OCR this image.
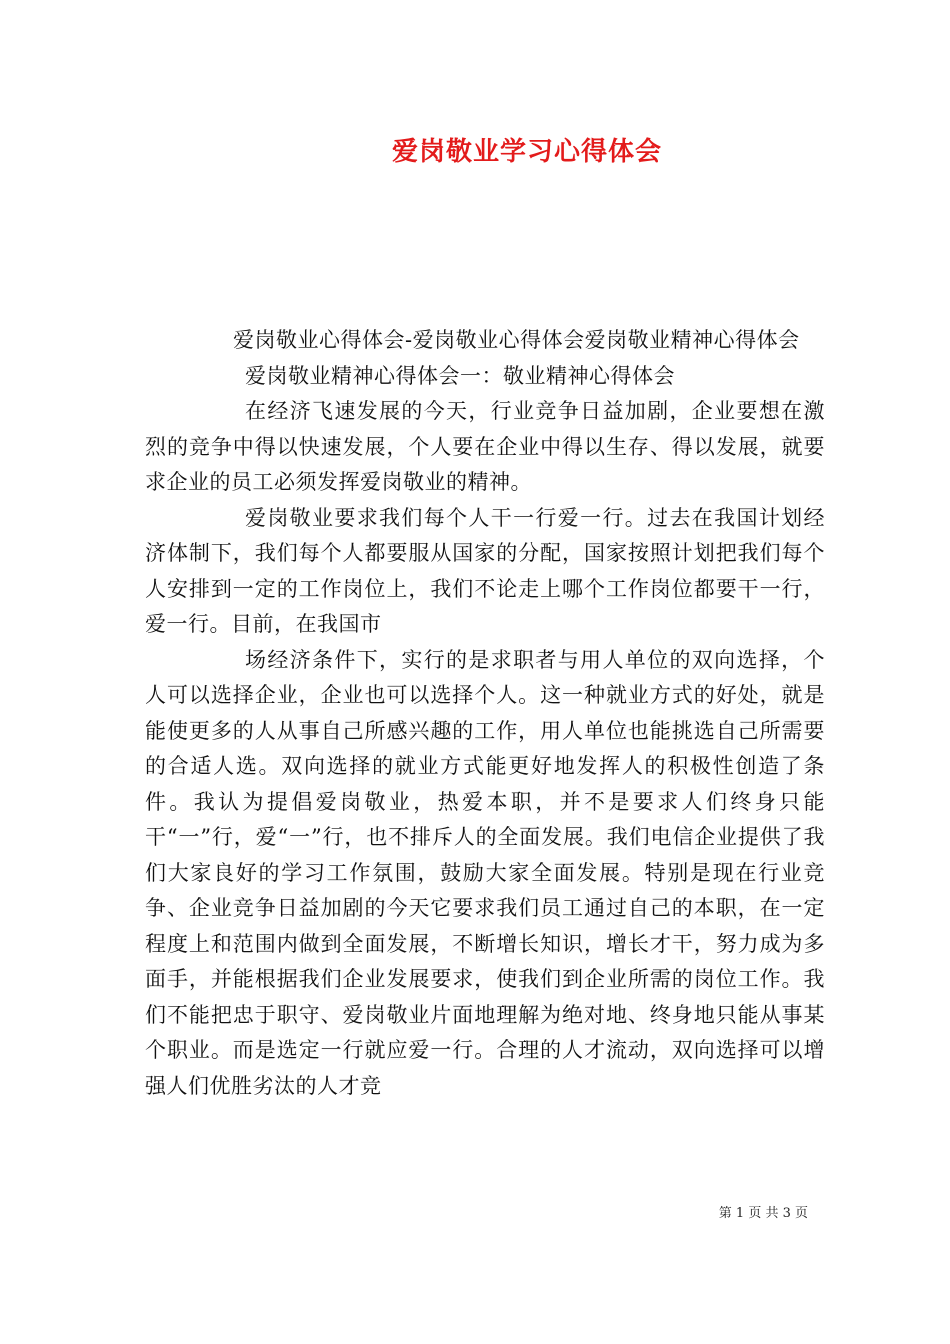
爱岗敬业学习心得体会

爱岗敬业心得体会-爱岗敬业心得体会爱岗敬业精神心得体会

爱岗敬业精神心得体会一：敬业精神心得体会

在经济飞速发展的今天，行业竞争日益加剧，企业要想在激烈的竞争中得以快速发展，个人要在企业中得以生存、得以发展，就要求企业的员工必须发挥爱岗敬业的精神。

爱岗敬业要求我们每个人干一行爱一行。过去在我国计划经济体制下，我们每个人都要服从国家的分配，国家按照计划把我们每个人安排到一定的工作岗位上，我们不论走上哪个工作岗位都要干一行，爱一行。目前，在我国市

场经济条件下，实行的是求职者与用人单位的双向选择，个人可以选择企业，企业也可以选择个人。这一种就业方式的好处，就是能使更多的人从事自己所感兴趣的工作，用人单位也能挑选自己所需要的合适人选。双向选择的就业方式能更好地发挥人的积极性创造了条件。我认为提倡爱岗敬业，热爱本职，并不是要求人们终身只能干“一”行，爱“一”行，也不排斥人的全面发展。我们电信企业提供了我们大家良好的学习工作氛围，鼓励大家全面发展。特别是现在行业竞争、企业竞争日益加剧的今天它要求我们员工通过自己的本职，在一定程度上和范围内做到全面发展，不断增长知识，增长才干，努力成为多面手，并能根据我们企业发展要求，使我们到企业所需的岗位工作。我们不能把忠于职守、爱岗敬业片面地理解为绝对地、终身地只能从事某个职业。而是选定一行就应爱一行。合理的人才流动，双向选择可以增强人们优胜劣汰的人才竞

第 1 页 共 3 页
